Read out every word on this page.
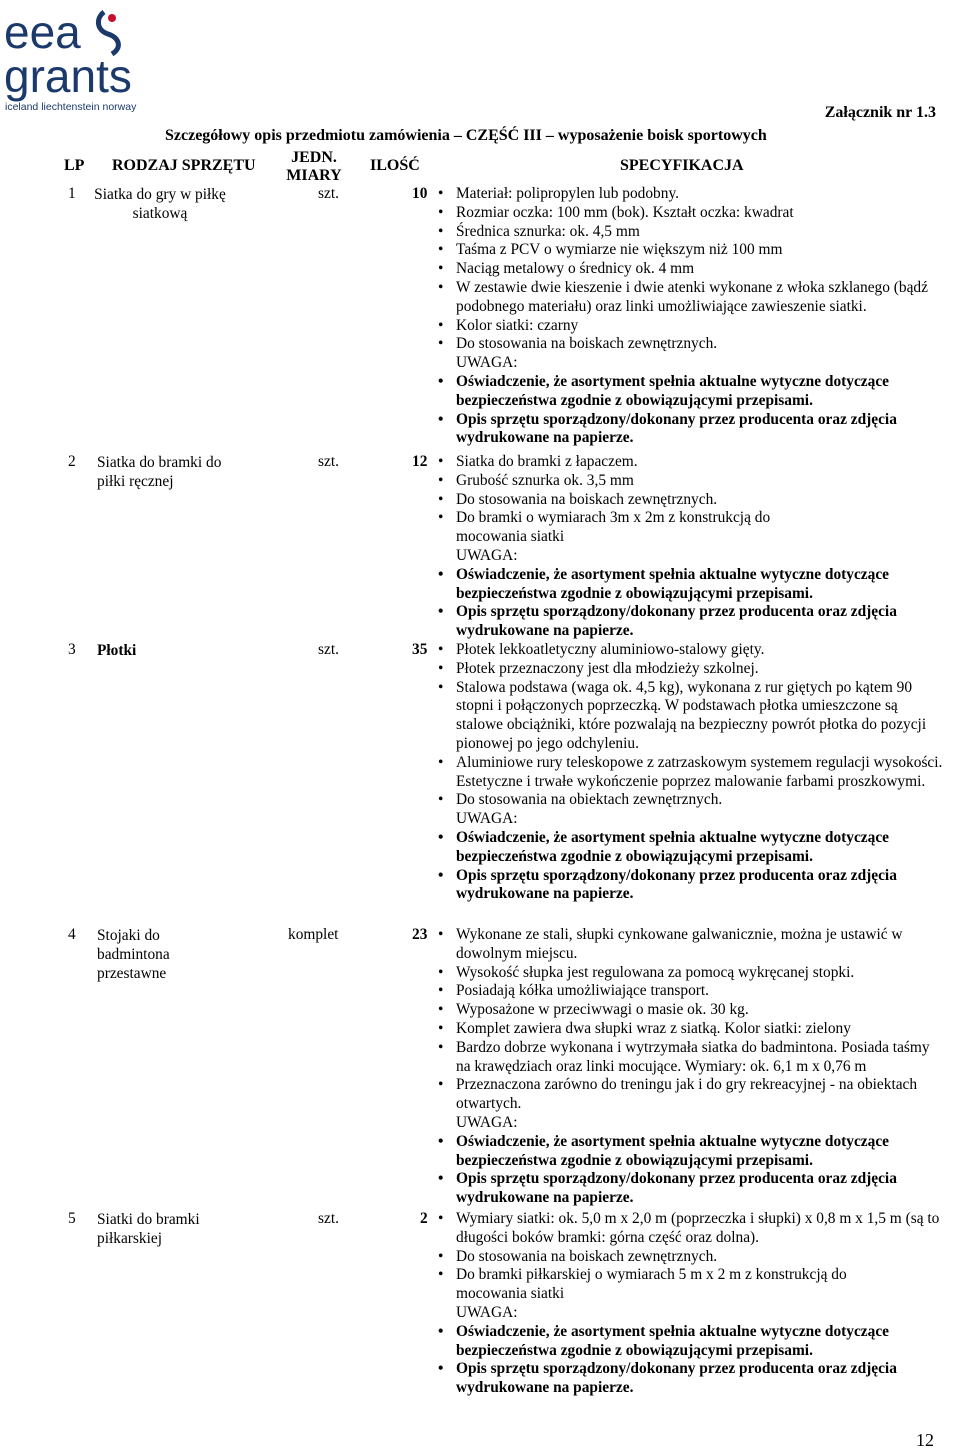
eea
grants
iceland liechtenstein norway	Załącznik nr 1.3
Szczegółowy opis przedmiotu zamówienia – CZĘŚĆ III – wyposażenie boisk sportowych
LP RODZAJ SPRZĘTU	JEDN.
MIARY
ILOŚĆ	SPECYFIKACJA
1	Siatka do gry w piłkę siatkową
szt.	10	• Materiał: polipropylen lub podobny.
• Rozmiar oczka: 100 mm (bok). Kształt oczka: kwadrat
• Średnica sznurka: ok. 4,5 mm
• Taśma z PCV o wymiarze nie większym niż 100 mm
• Naciąg metalowy o średnicy ok. 4 mm
• W zestawie dwie kieszenie i dwie atenki wykonane z włoka szklanego (bądź podobnego materiału) oraz linki umożliwiające zawieszenie siatki.
• Kolor siatki: czarny
• Do stosowania na boiskach zewnętrznych.
UWAGA:
• Oświadczenie, że asortyment spełnia aktualne wytyczne dotyczące bezpieczeństwa zgodnie z obowiązującymi przepisami.
• Opis sprzętu sporządzony/dokonany przez producenta oraz zdjęcia wydrukowane na papierze.
2 Siatka do bramki do piłki ręcznej
szt.	12	• Siatka do bramki z łapaczem.
• Grubość sznurka ok. 3,5 mm
• Do stosowania na boiskach zewnętrznych.
• Do bramki o wymiarach 3m x 2m z konstrukcją do mocowania siatki
UWAGA:
• Oświadczenie, że asortyment spełnia aktualne wytyczne dotyczące bezpieczeństwa zgodnie z obowiązującymi przepisami.
• Opis sprzętu sporządzony/dokonany przez producenta oraz zdjęcia wydrukowane na papierze.
3 Płotki	szt.	35	• Płotek lekkoatletyczny aluminiowo-stalowy gięty.
• Płotek przeznaczony jest dla młodzieży szkolnej.
• Stalowa podstawa (waga ok. 4,5 kg), wykonana z rur giętych po kątem 90 stopni i połączonych poprzeczką. W podstawach płotka umieszczone są stalowe obciążniki, które pozwalają na bezpieczny powrót płotka do pozycji pionowej po jego odchyleniu.
• Aluminiowe rury teleskopowe z zatrzaskowym systemem regulacji wysokości. Estetyczne i trwałe wykończenie poprzez malowanie farbami proszkowymi.
• Do stosowania na obiektach zewnętrznych.
UWAGA:
• Oświadczenie, że asortyment spełnia aktualne wytyczne dotyczące bezpieczeństwa zgodnie z obowiązującymi przepisami.
• Opis sprzętu sporządzony/dokonany przez producenta oraz zdjęcia wydrukowane na papierze.
4 Stojaki do badmintona przestawne
komplet	23	• Wykonane ze stali, słupki cynkowane galwanicznie, można je ustawić w dowolnym miejscu.
• Wysokość słupka jest regulowana za pomocą wykręcanej stopki.
• Posiadają kółka umożliwiające transport.
• Wyposażone w przeciwwagi o masie ok. 30 kg.
• Komplet zawiera dwa słupki wraz z siatką. Kolor siatki: zielony
• Bardzo dobrze wykonana i wytrzymała siatka do badmintona. Posiada taśmy na krawędziach oraz linki mocujące. Wymiary: ok. 6,1 m x 0,76 m
• Przeznaczona zarówno do treningu jak i do gry rekreacyjnej - na obiektach otwartych.
UWAGA:
• Oświadczenie, że asortyment spełnia aktualne wytyczne dotyczące bezpieczeństwa zgodnie z obowiązującymi przepisami.
• Opis sprzętu sporządzony/dokonany przez producenta oraz zdjęcia wydrukowane na papierze.
5 Siatki do bramki piłkarskiej
szt.	2	• Wymiary siatki: ok. 5,0 m x 2,0 m (poprzeczka i słupki) x 0,8 m x 1,5 m (są to długości boków bramki: górna część oraz dolna).
• Do stosowania na boiskach zewnętrznych.
• Do bramki piłkarskiej o wymiarach 5 m x 2 m z konstrukcją do mocowania siatki
UWAGA:
• Oświadczenie, że asortyment spełnia aktualne wytyczne dotyczące bezpieczeństwa zgodnie z obowiązującymi przepisami.
• Opis sprzętu sporządzony/dokonany przez producenta oraz zdjęcia wydrukowane na papierze.
12
